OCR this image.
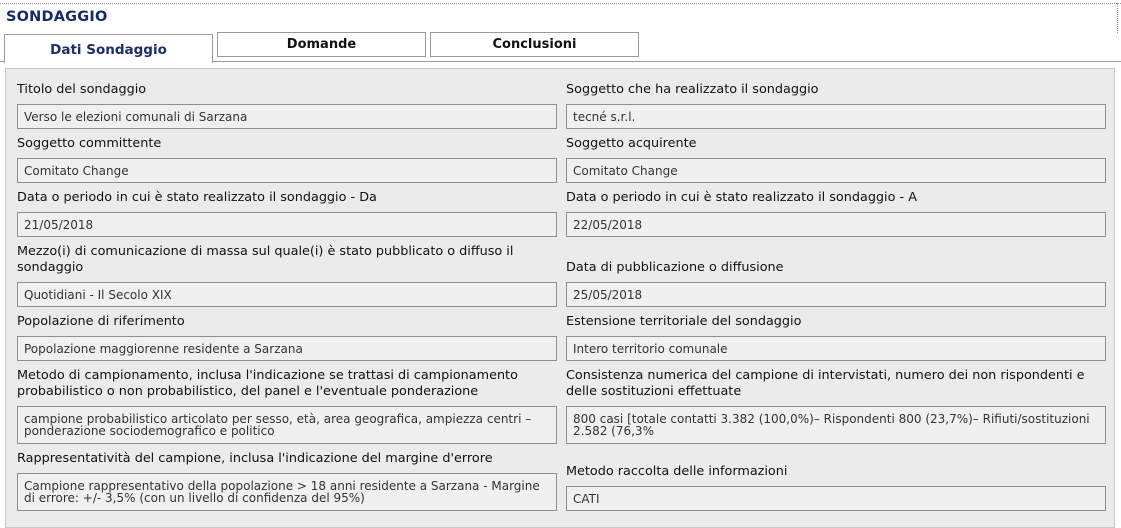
SONDAGGIO
Dati Sondaggio	Domande	Conclusioni
Titolo del sondaggio
Verso le elezioni comunali di Sarzana
Soggetto che ha realizzato il sondaggio
tecné s.r.l.
Soggetto committente
Comitato Change
Soggetto acquirente
Comitato Change
Data o periodo in cui è stato realizzato il sondaggio - Da
21/05/2018
Data o periodo in cui è stato realizzato il sondaggio - A
22/05/2018
Mezzo(i) di comunicazione di massa sul quale(i) è stato pubblicato o diffuso il sondaggio
Quotidiani - Il Secolo XIX
Data di pubblicazione o diffusione
25/05/2018
Popolazione di riferimento
Popolazione maggiorenne residente a Sarzana
Estensione territoriale del sondaggio
Intero territorio comunale
Metodo di campionamento, inclusa l'indicazione se trattasi di campionamento probabilistico o non probabilistico, del panel e l'eventuale ponderazione
campione probabilistico articolato per sesso, età, area geografica, ampiezza centri – ponderazione sociodemografico e politico
Consistenza numerica del campione di intervistati, numero dei non rispondenti e delle sostituzioni effettuate
800 casi [totale contatti 3.382 (100,0%)– Rispondenti 800 (23,7%)– Rifiuti/sostituzioni 2.582 (76,3%
Rappresentatività del campione, inclusa l'indicazione del margine d'errore
Campione rappresentativo della popolazione > 18 anni residente a Sarzana - Margine di errore: +/- 3,5% (con un livello di confidenza del 95%)
Metodo raccolta delle informazioni
CATI
